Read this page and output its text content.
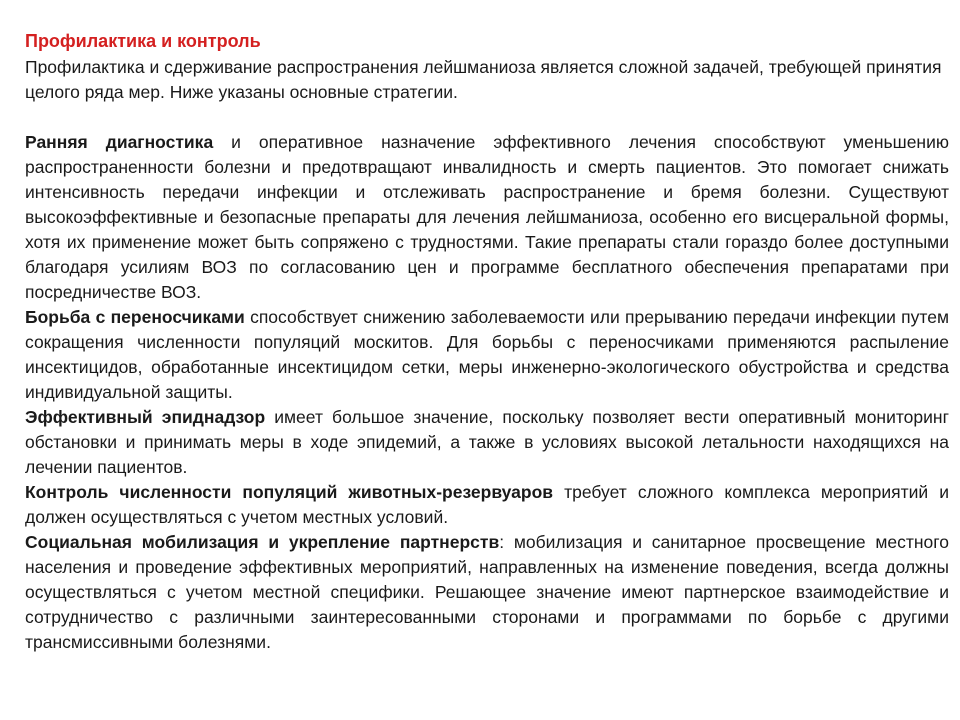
Профилактика и контроль

Профилактика и сдерживание распространения лейшманиоза является сложной задачей, требующей принятия целого ряда мер. Ниже указаны основные стратегии.

Ранняя диагностика и оперативное назначение эффективного лечения способствуют уменьшению распространенности болезни и предотвращают инвалидность и смерть пациентов. Это помогает снижать интенсивность передачи инфекции и отслеживать распространение и бремя болезни. Существуют высокоэффективные и безопасные препараты для лечения лейшманиоза, особенно его висцеральной формы, хотя их применение может быть сопряжено с трудностями. Такие препараты стали гораздо более доступными благодаря усилиям ВОЗ по согласованию цен и программе бесплатного обеспечения препаратами при посредничестве ВОЗ.

Борьба с переносчиками способствует снижению заболеваемости или прерыванию передачи инфекции путем сокращения численности популяций москитов. Для борьбы с переносчиками применяются распыление инсектицидов, обработанные инсектицидом сетки, меры инженерно-экологического обустройства и средства индивидуальной защиты.

Эффективный эпиднадзор имеет большое значение, поскольку позволяет вести оперативный мониторинг обстановки и принимать меры в ходе эпидемий, а также в условиях высокой летальности находящихся на лечении пациентов.

Контроль численности популяций животных-резервуаров требует сложного комплекса мероприятий и должен осуществляться с учетом местных условий.

Социальная мобилизация и укрепление партнерств: мобилизация и санитарное просвещение местного населения и проведение эффективных мероприятий, направленных на изменение поведения, всегда должны осуществляться с учетом местной специфики. Решающее значение имеют партнерское взаимодействие и сотрудничество с различными заинтересованными сторонами и программами по борьбе с другими трансмиссивными болезнями.
